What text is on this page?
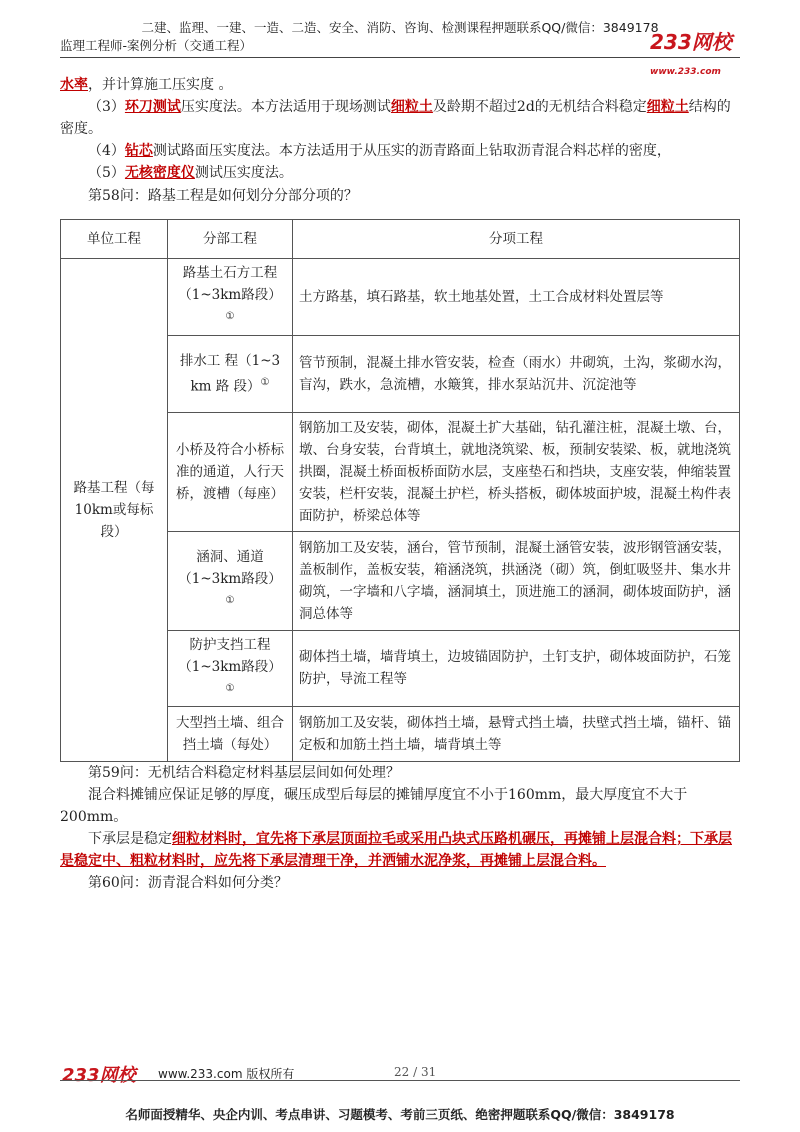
二建、监理、一建、一造、二造、安全、消防、咨询、检测课程押题联系QQ/微信：3849178
监理工程师-案例分析（交通工程）	233网校
www.233.com
水率，并计算施工压实度 。
（3）环刀测试压实度法。本方法适用于现场测试细粒土及龄期不超过2d的无机结合料稳定细粒土结构的密度。
（4）钻芯测试路面压实度法。本方法适用于从压实的沥青路面上钻取沥青混合料芯样的密度，
（5）无核密度仪测试压实度法。
第58问：路基工程是如何划分分部分项的？
单位工程	分部工程	分项工程
路基工程（每10km或每标段）	路基土石方工程（1~3km路段）①	土方路基，填石路基，软土地基处置，土工合成材料处置层等
	排水工 程（1~3 km 路 段）①	管节预制，混凝土排水管安装，检查（雨水）井砌筑，土沟，浆砌水沟，盲沟，跌水，急流槽，水簸箕，排水泵站沉井、沉淀池等
	小桥及符合小桥标准的通道，人行天桥，渡槽（每座）	钢筋加工及安装，砌体，混凝土扩大基础，钻孔灌注桩，混凝土墩、台，墩、台身安装，台背填土，就地浇筑梁、板，预制安装梁、板，就地浇筑拱圈，混凝土桥面板桥面防水层，支座垫石和挡块，支座安装，伸缩装置安装，栏杆安装，混凝土护栏，桥头搭板，砌体坡面护坡，混凝土构件表面防护，桥梁总体等
	涵洞、通道（1~3km路段）①	钢筋加工及安装，涵台，管节预制，混凝土涵管安装，波形钢管涵安装，盖板制作，盖板安装，箱涵浇筑，拱涵浇（砌）筑，倒虹吸竖井、集水井砌筑，一字墙和八字墙，涵洞填土，顶进施工的涵洞，砌体坡面防护，涵洞总体等
	防护支挡工程（1~3km路段）①	砌体挡土墙，墙背填土，边坡锚固防护，土钉支护，砌体坡面防护，石笼防护，导流工程等
	大型挡土墙、组合挡土墙（每处）	钢筋加工及安装，砌体挡土墙，悬臂式挡土墙，扶壁式挡土墙，锚杆、锚定板和加筋土挡土墙，墙背填土等
第59问：无机结合料稳定材料基层层间如何处理？
混合料摊铺应保证足够的厚度，碾压成型后每层的摊铺厚度宜不小于160mm，最大厚度宜不大于200mm。
下承层是稳定细粒材料时，宜先将下承层顶面拉毛或采用凸块式压路机碾压，再摊铺上层混合料；下承层是稳定中、粗粒材料时，应先将下承层清理干净，并洒铺水泥净浆，再摊铺上层混合料。
第60问：沥青混合料如何分类？
233网校 www.233.com 版权所有	22 / 31
名师面授精华、央企内训、考点串讲、习题模考、考前三页纸、绝密押题联系QQ/微信：3849178
